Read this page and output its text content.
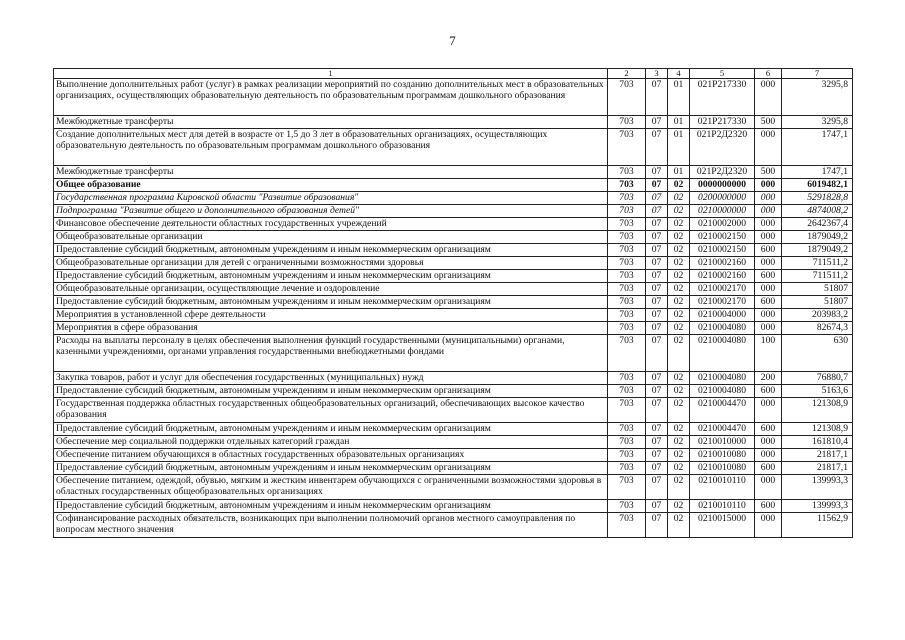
7
1	2	3	4	5	6	7
Выполнение дополнительных работ (услуг) в рамках реализации мероприятий по созданию дополнительных мест в образовательных организациях, осуществляющих образовательную деятельность по образовательным программам дошкольного образования	703	07	01	021Р217330	000	3295,8
Межбюджетные трансферты	703	07	01	021Р217330	500	3295,8
Создание дополнительных мест для детей в возрасте от 1,5 до 3 лет в образовательных организациях, осуществляющих образовательную деятельность по образовательным программам дошкольного образования	703	07	01	021Р2Д2320	000	1747,1
Межбюджетные трансферты	703	07	01	021Р2Д2320	500	1747,1
Общее образование	703	07	02	0000000000	000	6019482,1
Государственная программа Кировской области "Развитие образования"	703	07	02	0200000000	000	5291828,8
Подпрограмма "Развитие общего и дополнительного образования детей"	703	07	02	0210000000	000	4874008,2
Финансовое обеспечение деятельности областных государственных учреждений	703	07	02	0210002000	000	2642367,4
Общеобразовательные организации	703	07	02	0210002150	000	1879049,2
Предоставление субсидий бюджетным, автономным учреждениям и иным некоммерческим организациям	703	07	02	0210002150	600	1879049,2
Общеобразовательные организации для детей с ограниченными возможностями здоровья	703	07	02	0210002160	000	711511,2
Предоставление субсидий бюджетным, автономным учреждениям и иным некоммерческим организациям	703	07	02	0210002160	600	711511,2
Общеобразовательные организации, осуществляющие лечение и оздоровление	703	07	02	0210002170	000	51807
Предоставление субсидий бюджетным, автономным учреждениям и иным некоммерческим организациям	703	07	02	0210002170	600	51807
Мероприятия в установленной сфере деятельности	703	07	02	0210004000	000	203983,2
Мероприятия в сфере образования	703	07	02	0210004080	000	82674,3
Расходы на выплаты персоналу в целях обеспечения выполнения функций государственными (муниципальными) органами, казенными учреждениями, органами управления государственными внебюджетными фондами	703	07	02	0210004080	100	630
Закупка товаров, работ и услуг для обеспечения государственных (муниципальных) нужд	703	07	02	0210004080	200	76880,7
Предоставление субсидий бюджетным, автономным учреждениям и иным некоммерческим организациям	703	07	02	0210004080	600	5163,6
Государственная поддержка областных государственных общеобразовательных организаций, обеспечивающих высокое качество образования	703	07	02	0210004470	000	121308,9
Предоставление субсидий бюджетным, автономным учреждениям и иным некоммерческим организациям	703	07	02	0210004470	600	121308,9
Обеспечение мер социальной поддержки отдельных категорий граждан	703	07	02	0210010000	000	161810,4
Обеспечение питанием обучающихся в областных государственных образовательных организациях	703	07	02	0210010080	000	21817,1
Предоставление субсидий бюджетным, автономным учреждениям и иным некоммерческим организациям	703	07	02	0210010080	600	21817,1
Обеспечение питанием, одеждой, обувью, мягким и жестким инвентарем обучающихся с ограниченными возможностями здоровья в областных государственных общеобразовательных организациях	703	07	02	0210010110	000	139993,3
Предоставление субсидий бюджетным, автономным учреждениям и иным некоммерческим организациям	703	07	02	0210010110	600	139993,3
Софинансирование расходных обязательств, возникающих при выполнении полномочий органов местного самоуправления по вопросам местного значения	703	07	02	0210015000	000	11562,9
